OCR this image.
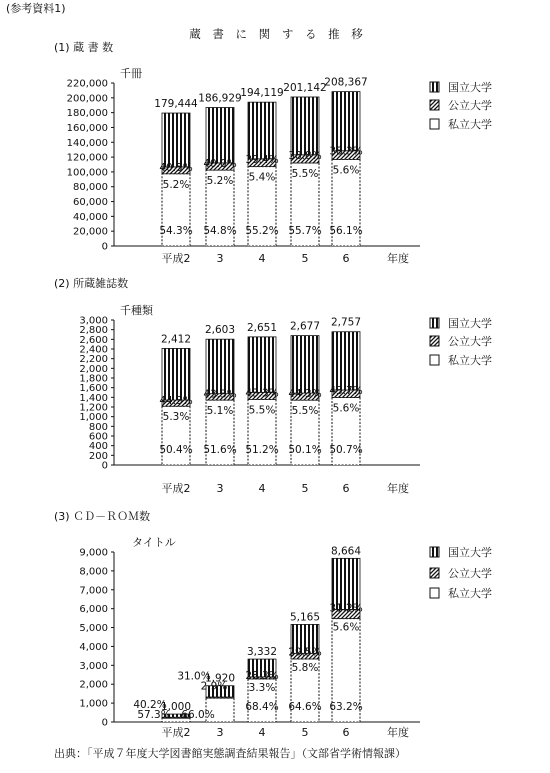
(参考資料1)
蔵 書 に 関 す る 推 移
(1) 蔵 書 数
千冊
0
20,000
40,000
60,000
80,000
100,000
120,000
140,000
160,000
180,000
200,000
220,000
平成2 3	4	5	6	年度
179,444
40.5%
5.2%
54.3%
186,929
40.0%
5.2%
54.8%
194,119
39.4%
5.4%
55.2%
201,142
38.8%
5.5%
55.7%
208,367
38.3%
5.6%
56.1%
国立大学
公立大学
私立大学
(2) 所蔵雑誌数
千種類
0
200
400
600
800
1,000
1,200
1,400
1,600
1,800
2,000
2,200
2,400
2,600
2,800
3,000
平成2 3	4	5	6	年度
2,412
44.3%
5.3%
50.4%
2,603
43.3%
5.1%
51.6%
2,651
43.3%
5.5%
51.2%
2,677
44.3%
5.5%
50.1%
2,757
43.7%
5.6%
50.7%
国立大学
公立大学
私立大学
(3) ＣＤ－ＲＯＭ数
タイトル
0
1,000
2,000
3,000
4,000
5,000
6,000
7,000
8,000
9,000
平成2 3	4	5	6	年度
1,000
40.2%
57.3%
1,920
31.0%
2.9%
66.0%
3,332
28.3%
3.3%
68.4%
5,165
29.5%
5.8%
64.6%
8,664
31.2%
5.6%
63.2%
国立大学
公立大学
私立大学
出典：「平成７年度大学図書館実態調査結果報告」（文部省学術情報課）
